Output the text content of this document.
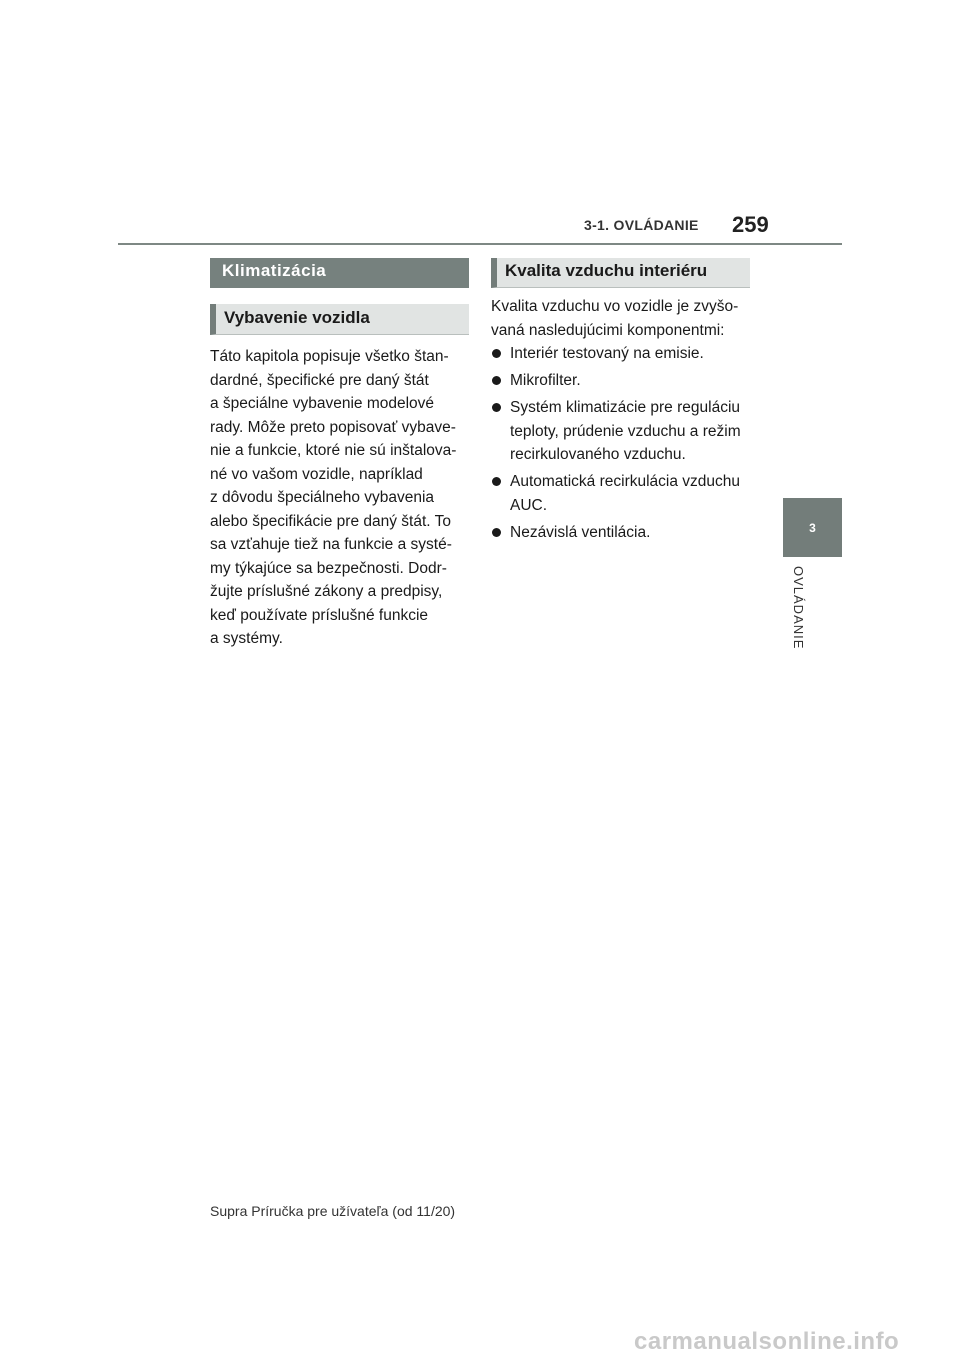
3-1. OVLÁDANIE 259
3
OVLÁDANIE
Klimatizácia
Vybavenie vozidla
Táto kapitola popisuje všetko štan-
dardné, špecifické pre daný štát
a špeciálne vybavenie modelové
rady. Môže preto popisovať vybave-
nie a funkcie, ktoré nie sú inštalova-
né vo vašom vozidle, napríklad
z dôvodu špeciálneho vybavenia
alebo špecifikácie pre daný štát. To
sa vzťahuje tiež na funkcie a systé-
my týkajúce sa bezpečnosti. Dodr-
žujte príslušné zákony a predpisy,
keď používate príslušné funkcie
a systémy.
Kvalita vzduchu interiéru
Kvalita vzduchu vo vozidle je zvyšo-
vaná nasledujúcimi komponentmi:
Interiér testovaný na emisie.
Mikrofilter.
Systém klimatizácie pre reguláciu
teploty, prúdenie vzduchu a režim
recirkulovaného vzduchu.
Automatická recirkulácia vzduchu
AUC.
Nezávislá ventilácia.
Supra Príručka pre užívateľa (od 11/20)
carmanualsonline.info
